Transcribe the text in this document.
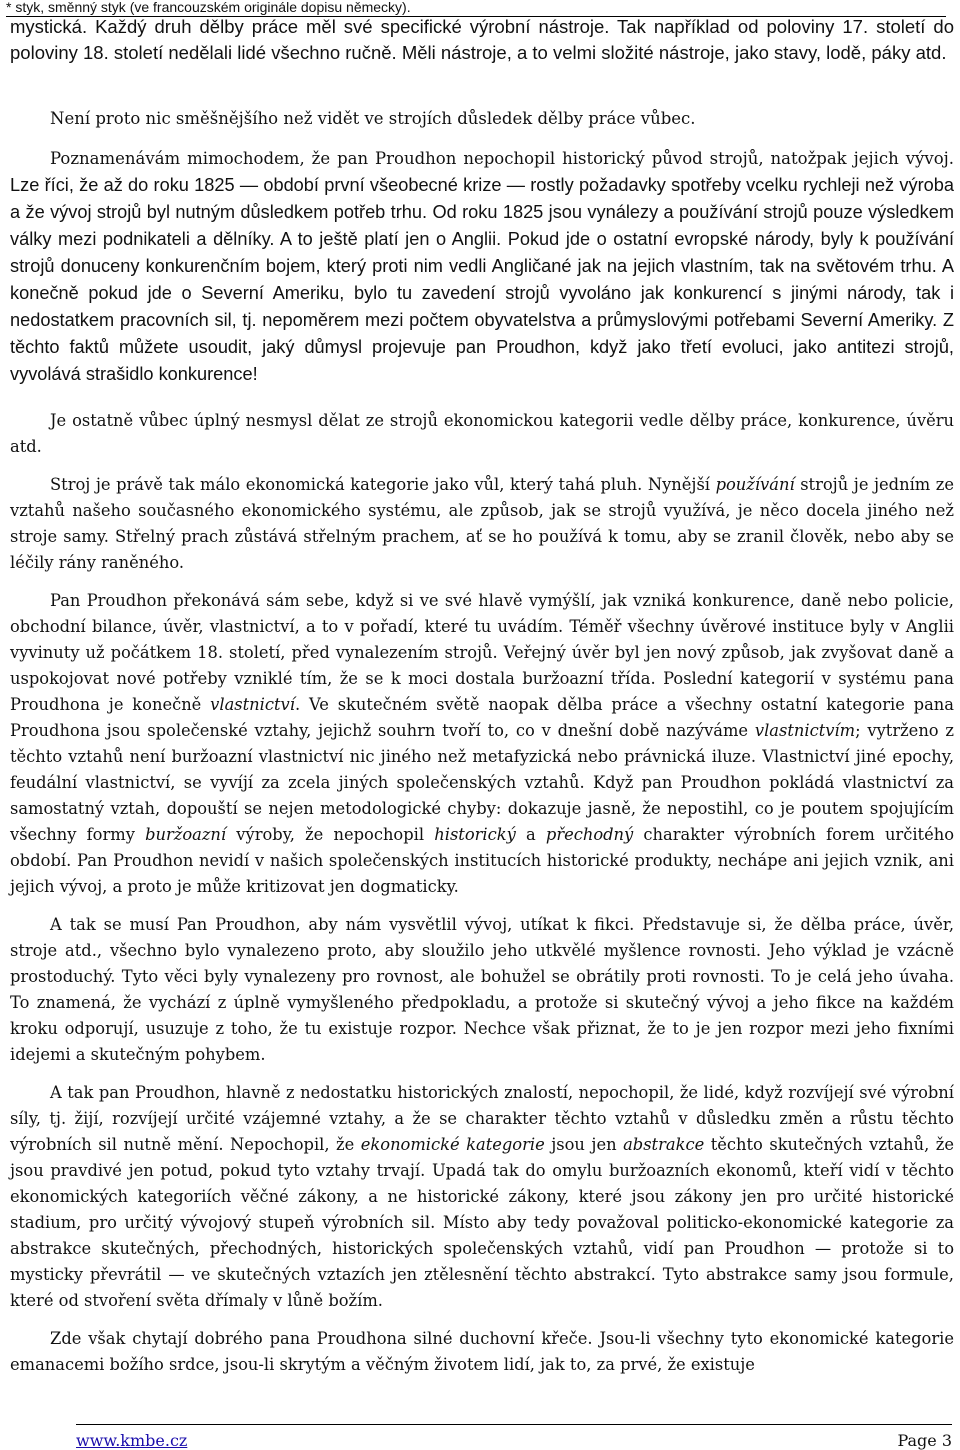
* styk, směnný styk (ve francouzském originále dopisu německy).

mystická. Každý druh dělby práce měl své specifické výrobní nástroje. Tak například od poloviny 17. století do poloviny 18. století nedělali lidé všechno ručně. Měli nástroje, a to velmi složité nástroje, jako stavy, lodě, páky atd.

Není proto nic směšnějšího než vidět ve strojích důsledek dělby práce vůbec.

Poznamenávám mimochodem, že pan Proudhon nepochopil historický původ strojů, natožpak jejich vývoj. Lze říci, že až do roku 1825 — období první všeobecné krize — rostly požadavky spotřeby vcelku rychleji než výroba a že vývoj strojů byl nutným důsledkem potřeb trhu. Od roku 1825 jsou vynálezy a používání strojů pouze výsledkem války mezi podnikateli a dělníky. A to ještě platí jen o Anglii. Pokud jde o ostatní evropské národy, byly k používání strojů donuceny konkurenčním bojem, který proti nim vedli Angličané jak na jejich vlastním, tak na světovém trhu. A konečně pokud jde o Severní Ameriku, bylo tu zavedení strojů vyvoláno jak konkurencí s jinými národy, tak i nedostatkem pracovních sil, tj. nepoměrem mezi počtem obyvatelstva a průmyslovými potřebami Severní Ameriky. Z těchto faktů můžete usoudit, jaký důmysl projevuje pan Proudhon, když jako třetí evoluci, jako antitezi strojů, vyvolává strašidlo konkurence!

Je ostatně vůbec úplný nesmysl dělat ze strojů ekonomickou kategorii vedle dělby práce, konkurence, úvěru atd.

Stroj je právě tak málo ekonomická kategorie jako vůl, který tahá pluh. Nynější používání strojů je jedním ze vztahů našeho současného ekonomického systému, ale způsob, jak se strojů využívá, je něco docela jiného než stroje samy. Střelný prach zůstává střelným prachem, ať se ho používá k tomu, aby se zranil člověk, nebo aby se léčily rány raněného.

Pan Proudhon překonává sám sebe, když si ve své hlavě vymýšlí, jak vzniká konkurence, daně nebo policie, obchodní bilance, úvěr, vlastnictví, a to v pořadí, které tu uvádím. Téměř všechny úvěrové instituce byly v Anglii vyvinuty už počátkem 18. století, před vynalezením strojů. Veřejný úvěr byl jen nový způsob, jak zvyšovat daně a uspokojovat nové potřeby vzniklé tím, že se k moci dostala buržoazní třída. Poslední kategorií v systému pana Proudhona je konečně vlastnictví. Ve skutečném světě naopak dělba práce a všechny ostatní kategorie pana Proudhona jsou společenské vztahy, jejichž souhrn tvoří to, co v dnešní době nazýváme vlastnictvím; vytrženo z těchto vztahů není buržoazní vlastnictví nic jiného než metafyzická nebo právnická iluze. Vlastnictví jiné epochy, feudální vlastnictví, se vyvíjí za zcela jiných společenských vztahů. Když pan Proudhon pokládá vlastnictví za samostatný vztah, dopouští se nejen metodologické chyby: dokazuje jasně, že nepostihl, co je poutem spojujícím všechny formy buržoazní výroby, že nepochopil historický a přechodný charakter výrobních forem určitého období. Pan Proudhon nevidí v našich společenských institucích historické produkty, nechápe ani jejich vznik, ani jejich vývoj, a proto je může kritizovat jen dogmaticky.

A tak se musí Pan Proudhon, aby nám vysvětlil vývoj, utíkat k fikci. Představuje si, že dělba práce, úvěr, stroje atd., všechno bylo vynalezeno proto, aby sloužilo jeho utkvělé myšlence rovnosti. Jeho výklad je vzácně prostoduchý. Tyto věci byly vynalezeny pro rovnost, ale bohužel se obrátily proti rovnosti. To je celá jeho úvaha. To znamená, že vychází z úplně vymyšleného předpokladu, a protože si skutečný vývoj a jeho fikce na každém kroku odporují, usuzuje z toho, že tu existuje rozpor. Nechce však přiznat, že to je jen rozpor mezi jeho fixními idejemi a skutečným pohybem.

A tak pan Proudhon, hlavně z nedostatku historických znalostí, nepochopil, že lidé, když rozvíjejí své výrobní síly, tj. žijí, rozvíjejí určité vzájemné vztahy, a že se charakter těchto vztahů v důsledku změn a růstu těchto výrobních sil nutně mění. Nepochopil, že ekonomické kategorie jsou jen abstrakce těchto skutečných vztahů, že jsou pravdivé jen potud, pokud tyto vztahy trvají. Upadá tak do omylu buržoazních ekonomů, kteří vidí v těchto ekonomických kategoriích věčné zákony, a ne historické zákony, které jsou zákony jen pro určité historické stadium, pro určitý vývojový stupeň výrobních sil. Místo aby tedy považoval politicko-ekonomické kategorie za abstrakce skutečných, přechodných, historických společenských vztahů, vidí pan Proudhon — protože si to mysticky převrátil — ve skutečných vztazích jen ztělesnění těchto abstrakcí. Tyto abstrakce samy jsou formule, které od stvoření světa dřímaly v lůně božím.

Zde však chytají dobrého pana Proudhona silné duchovní křeče. Jsou-li všechny tyto ekonomické kategorie emanacemi božího srdce, jsou-li skrytým a věčným životem lidí, jak to, za prvé, že existuje

www.kmbe.cz	Page 3
